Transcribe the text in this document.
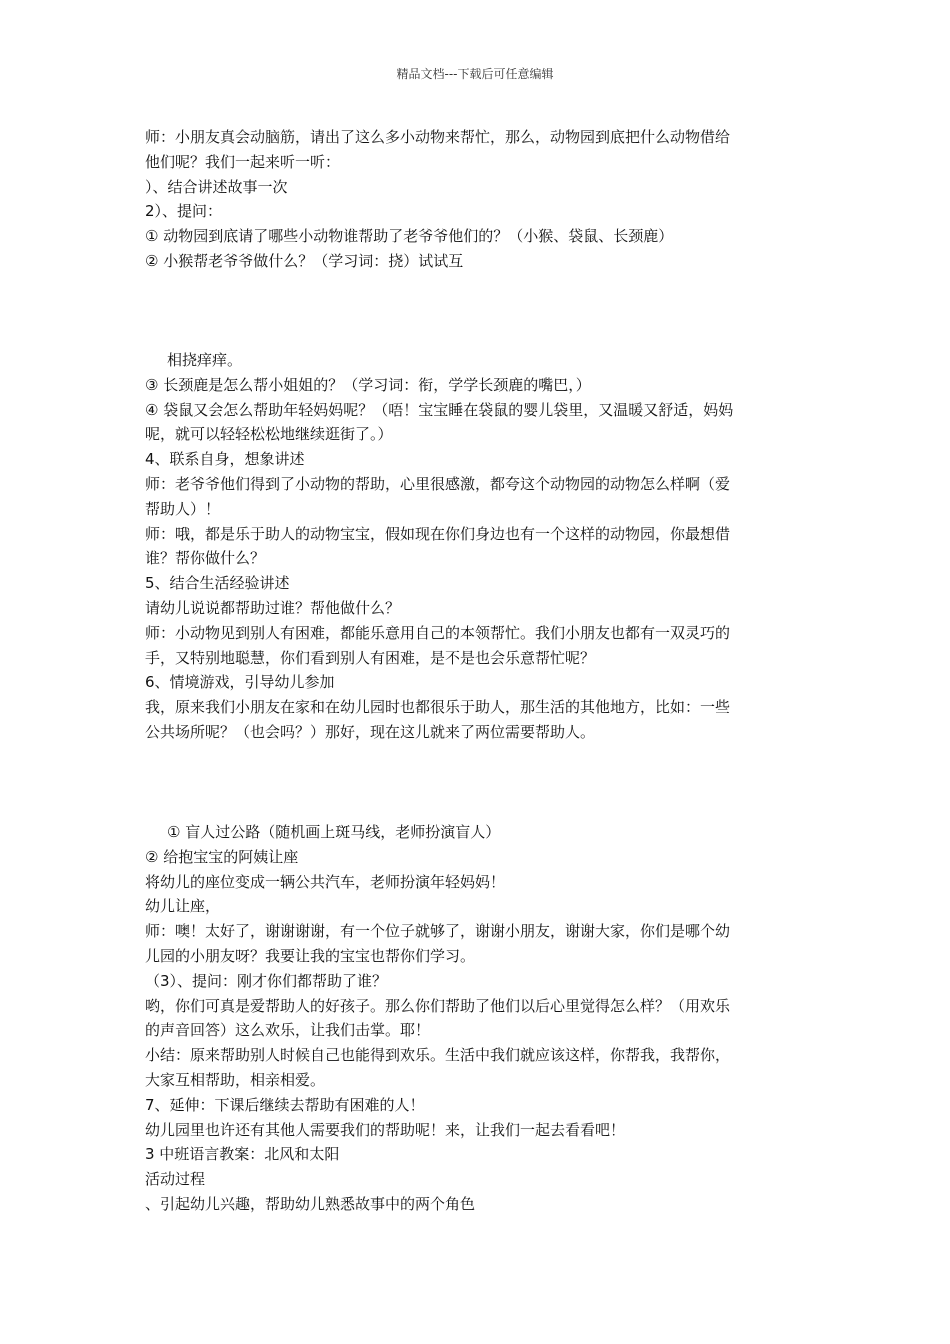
精品文档---下载后可任意编辑
师：小朋友真会动脑筋，请出了这么多小动物来帮忙，那么，动物园到底把什么动物借给
他们呢？我们一起来听一听：
）、结合讲述故事一次
2）、提问：
① 动物园到底请了哪些小动物谁帮助了老爷爷他们的？（小猴、袋鼠、长颈鹿）
② 小猴帮老爷爷做什么？（学习词：挠）试试互
相挠痒痒。
③ 长颈鹿是怎么帮小姐姐的？（学习词：衔，学学长颈鹿的嘴巴，）
④ 袋鼠又会怎么帮助年轻妈妈呢？（唔！宝宝睡在袋鼠的婴儿袋里，又温暖又舒适，妈妈
呢，就可以轻轻松松地继续逛街了。）
4、联系自身，想象讲述
师：老爷爷他们得到了小动物的帮助，心里很感激，都夸这个动物园的动物怎么样啊（爱
帮助人）！
师：哦，都是乐于助人的动物宝宝，假如现在你们身边也有一个这样的动物园，你最想借
谁？帮你做什么？
5、结合生活经验讲述
请幼儿说说都帮助过谁？帮他做什么？
师：小动物见到别人有困难，都能乐意用自己的本领帮忙。我们小朋友也都有一双灵巧的
手，又特别地聪慧，你们看到别人有困难，是不是也会乐意帮忙呢？
6、情境游戏，引导幼儿参加
我，原来我们小朋友在家和在幼儿园时也都很乐于助人，那生活的其他地方，比如：一些
公共场所呢？（也会吗？）那好，现在这儿就来了两位需要帮助人。
① 盲人过公路（随机画上斑马线，老师扮演盲人）
② 给抱宝宝的阿姨让座
将幼儿的座位变成一辆公共汽车，老师扮演年轻妈妈！
幼儿让座，
师：噢！太好了，谢谢谢谢，有一个位子就够了，谢谢小朋友，谢谢大家，你们是哪个幼
儿园的小朋友呀？我要让我的宝宝也帮你们学习。
（3）、提问：刚才你们都帮助了谁？
哟，你们可真是爱帮助人的好孩子。那么你们帮助了他们以后心里觉得怎么样？（用欢乐
的声音回答）这么欢乐，让我们击掌。耶！
小结：原来帮助别人时候自己也能得到欢乐。生活中我们就应该这样，你帮我，我帮你，
大家互相帮助，相亲相爱。
7、延伸：下课后继续去帮助有困难的人！
幼儿园里也许还有其他人需要我们的帮助呢！来，让我们一起去看看吧！
3 中班语言教案：北风和太阳
活动过程
、引起幼儿兴趣，帮助幼儿熟悉故事中的两个角色
